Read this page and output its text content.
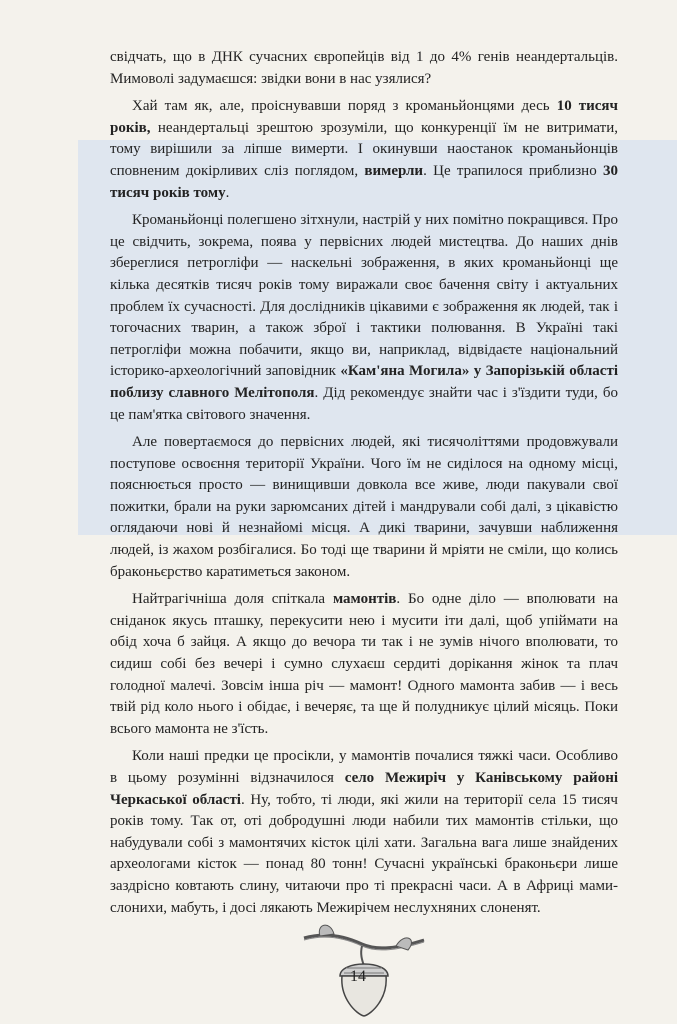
свідчать, що в ДНК сучасних європейців від 1 до 4% генів неандертальців. Мимоволі задумаєшся: звідки вони в нас узялися?

Хай там як, але, проіснувавши поряд з кроманьйонцями десь 10 тисяч років, неандертальці зрештою зрозуміли, що конкуренції їм не витримати, тому вирішили за ліпше вимерти. І окинувши наостанок кроманьйонців сповненим докірливих сліз поглядом, вимерли. Це трапилося приблизно 30 тисяч років тому.

Кроманьйонці полегшено зітхнули, настрій у них помітно покращився. Про це свідчить, зокрема, поява у первісних людей мистецтва. До наших днів збереглися петрогліфи — наскельні зображення, в яких кроманьйонці ще кілька десятків тисяч років тому виражали своє бачення світу і актуальних проблем їх сучасності. Для дослідників цікавими є зображення як людей, так і тогочасних тварин, а також зброї і тактики полювання. В Україні такі петрогліфи можна побачити, якщо ви, наприклад, відвідаєте національний історико-археологічний заповідник «Кам'яна Могила» у Запорізькій області поблизу славного Мелітополя. Дід рекомендує знайти час і з'їздити туди, бо це пам'ятка світового значення.

Але повертаємося до первісних людей, які тисячоліттями продовжували поступове освоєння території України. Чого їм не сиділося на одному місці, пояснюється просто — винищивши довкола все живе, люди пакували свої пожитки, брали на руки зарюмсаних дітей і мандрували собі далі, з цікавістю оглядаючи нові й незнайомі місця. А дикі тварини, зачувши наближення людей, із жахом розбігалися. Бо тоді ще тварини й мріяти не сміли, що колись браконьєрство каратиметься законом.

Найтрагічніша доля спіткала мамонтів. Бо одне діло — вполювати на сніданок якусь пташку, перекусити нею і мусити іти далі, щоб упіймати на обід хоча б зайця. А якщо до вечора ти так і не зумів нічого вполювати, то сидиш собі без вечері і сумно слухаєш сердиті дорікання жінок та плач голодної малечі. Зовсім інша річ — мамонт! Одного мамонта забив — і весь твій рід коло нього і обідає, і вечеряє, та ще й полудникує цілий місяць. Поки всього мамонта не з'їсть.

Коли наші предки це просікли, у мамонтів почалися тяжкі часи. Особливо в цьому розумінні відзначилося село Межиріч у Канівському районі Черкаської області. Ну, тобто, ті люди, які жили на території села 15 тисяч років тому. Так от, оті добродушні люди набили тих мамонтів стільки, що набудували собі з мамонтячих кісток цілі хати. Загальна вага лише знайдених археологами кісток — понад 80 тонн! Сучасні українські браконьєри лише заздрісно ковтають слину, читаючи про ті прекрасні часи. А в Африці мами-слонихи, мабуть, і досі лякають Межирічем неслухняних слоненят.

14
